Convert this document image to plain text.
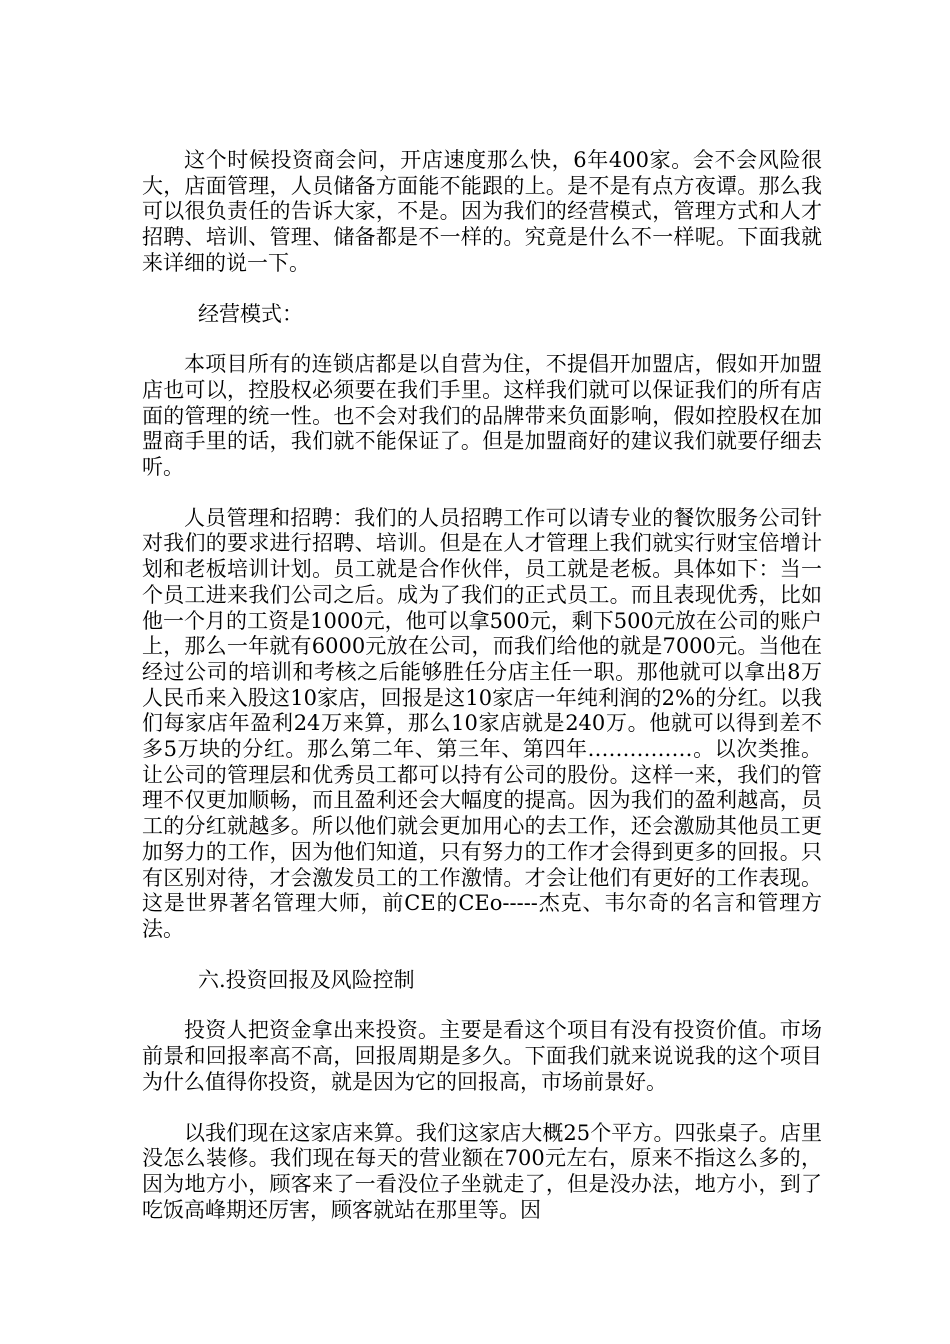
这个时候投资商会问，开店速度那么快，6年400家。会不会风险很大，店面管理，人员储备方面能不能跟的上。是不是有点方夜谭。那么我可以很负责任的告诉大家，不是。因为我们的经营模式，管理方式和人才招聘、培训、管理、储备都是不一样的。究竟是什么不一样呢。下面我就来详细的说一下。

经营模式：

本项目所有的连锁店都是以自营为住，不提倡开加盟店，假如开加盟店也可以，控股权必须要在我们手里。这样我们就可以保证我们的所有店面的管理的统一性。也不会对我们的品牌带来负面影响，假如控股权在加盟商手里的话，我们就不能保证了。但是加盟商好的建议我们就要仔细去听。

人员管理和招聘：我们的人员招聘工作可以请专业的餐饮服务公司针对我们的要求进行招聘、培训。但是在人才管理上我们就实行财宝倍增计划和老板培训计划。员工就是合作伙伴，员工就是老板。具体如下：当一个员工进来我们公司之后。成为了我们的正式员工。而且表现优秀，比如他一个月的工资是1000元，他可以拿500元，剩下500元放在公司的账户上，那么一年就有6000元放在公司，而我们给他的就是7000元。当他在经过公司的培训和考核之后能够胜任分店主任一职。那他就可以拿出8万人民币来入股这10家店，回报是这10家店一年纯利润的2%的分红。以我们每家店年盈利24万来算，那么10家店就是240万。他就可以得到差不多5万块的分红。那么第二年、第三年、第四年……………。以次类推。让公司的管理层和优秀员工都可以持有公司的股份。这样一来，我们的管理不仅更加顺畅，而且盈利还会大幅度的提高。因为我们的盈利越高，员工的分红就越多。所以他们就会更加用心的去工作，还会激励其他员工更加努力的工作，因为他们知道，只有努力的工作才会得到更多的回报。只有区别对待，才会激发员工的工作激情。才会让他们有更好的工作表现。这是世界著名管理大师，前CE的CEo-----杰克、韦尔奇的名言和管理方法。

六.投资回报及风险控制

投资人把资金拿出来投资。主要是看这个项目有没有投资价值。市场前景和回报率高不高，回报周期是多久。下面我们就来说说我的这个项目为什么值得你投资，就是因为它的回报高，市场前景好。

以我们现在这家店来算。我们这家店大概25个平方。四张桌子。店里没怎么装修。我们现在每天的营业额在700元左右，原来不指这么多的，因为地方小，顾客来了一看没位子坐就走了，但是没办法，地方小，到了吃饭高峰期还厉害，顾客就站在那里等。因
